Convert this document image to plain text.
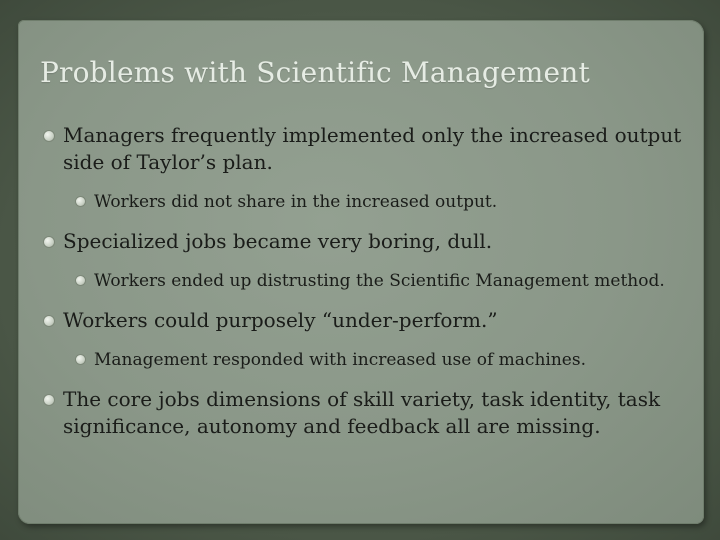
Problems with Scientific Management
Managers frequently implemented only the increased output side of Taylor’s plan.
Workers did not share in the increased output.
Specialized jobs became very boring, dull.
Workers ended up distrusting the Scientific Management method.
Workers could purposely “under-perform.”
Management responded with increased use of machines.
The core jobs dimensions of skill variety, task identity, task significance, autonomy and feedback all are missing.
